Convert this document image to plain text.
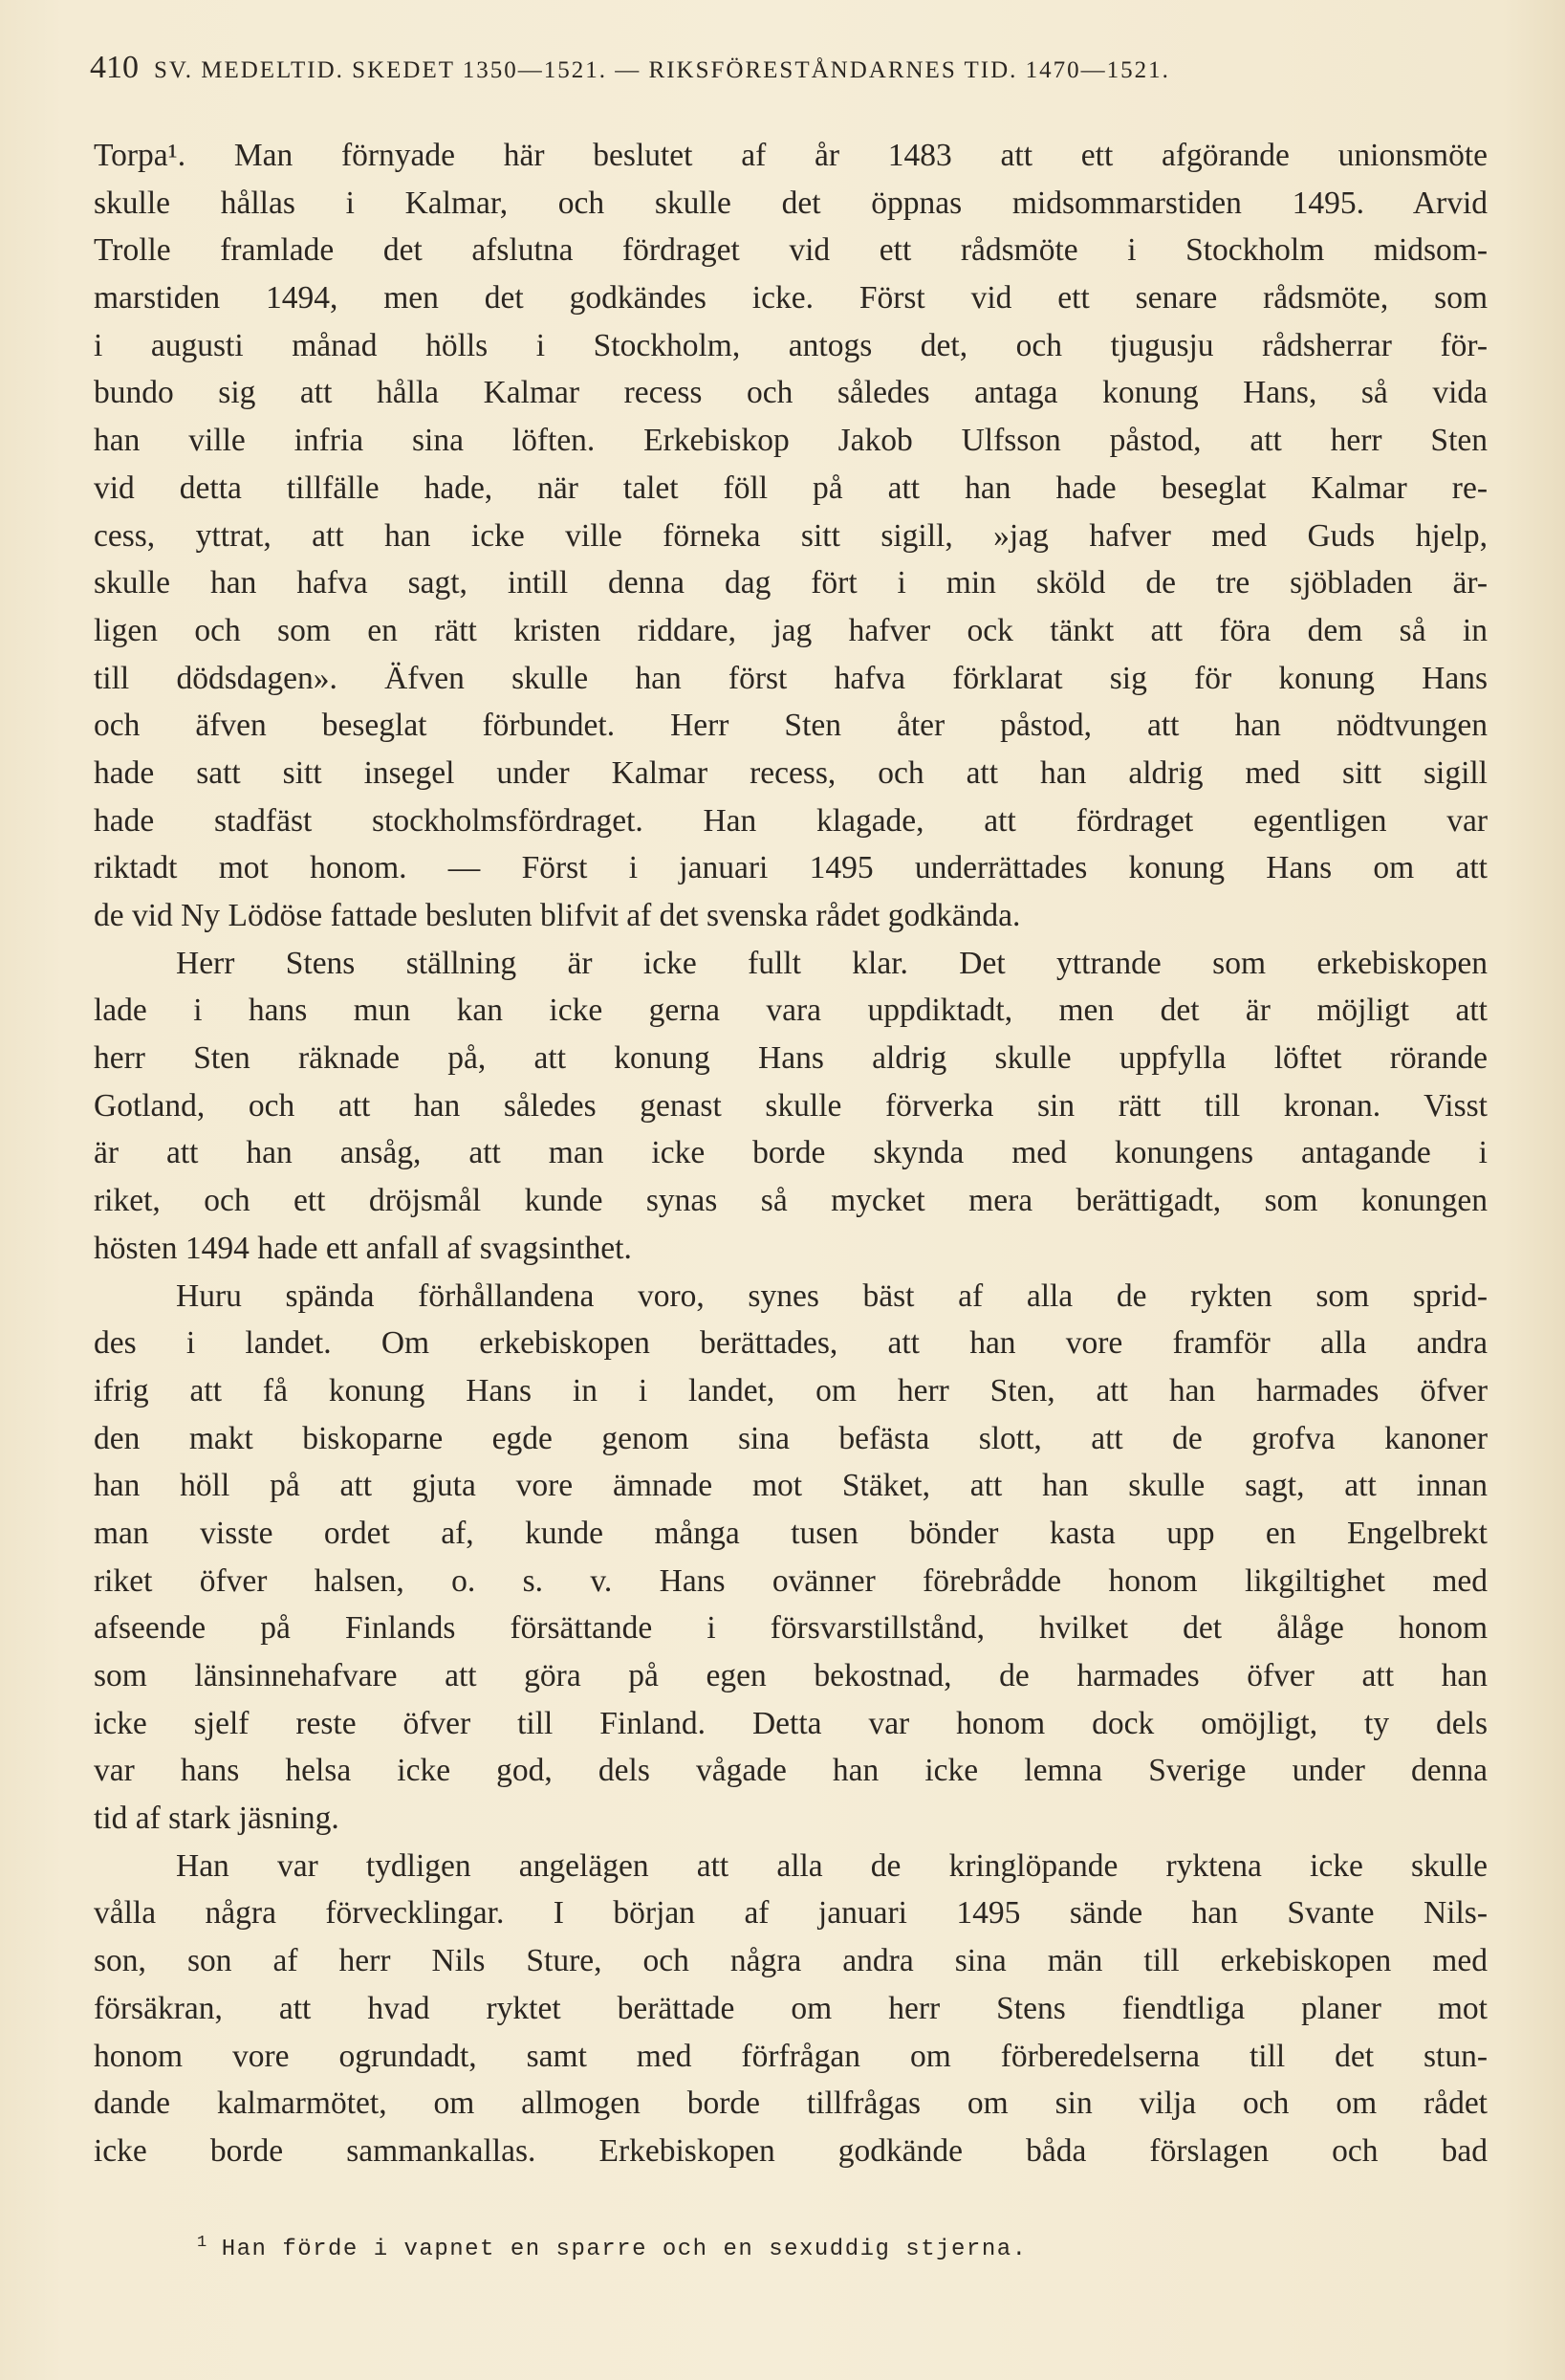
410 SV. MEDELTID. SKEDET 1350—1521. — RIKSFÖRESTÅNDARNES TID. 1470—1521.
Torpa¹. Man förnyade här beslutet af år 1483 att ett afgörande unionsmöte
skulle hållas i Kalmar, och skulle det öppnas midsommarstiden 1495. Arvid
Trolle framlade det afslutna fördraget vid ett rådsmöte i Stockholm midsom-
marstiden 1494, men det godkändes icke. Först vid ett senare rådsmöte, som
i augusti månad hölls i Stockholm, antogs det, och tjugusju rådsherrar för-
bundo sig att hålla Kalmar recess och således antaga konung Hans, så vida
han ville infria sina löften. Erkebiskop Jakob Ulfsson påstod, att herr Sten
vid detta tillfälle hade, när talet föll på att han hade beseglat Kalmar re-
cess, yttrat, att han icke ville förneka sitt sigill, »jag hafver med Guds hjelp,
skulle han hafva sagt, intill denna dag fört i min sköld de tre sjöbladen är-
ligen och som en rätt kristen riddare, jag hafver ock tänkt att föra dem så in
till dödsdagen». Äfven skulle han först hafva förklarat sig för konung Hans
och äfven beseglat förbundet. Herr Sten åter påstod, att han nödtvungen
hade satt sitt insegel under Kalmar recess, och att han aldrig med sitt sigill
hade stadfäst stockholmsfördraget. Han klagade, att fördraget egentligen var
riktadt mot honom. — Först i januari 1495 underrättades konung Hans om att
de vid Ny Lödöse fattade besluten blifvit af det svenska rådet godkända.
Herr Stens ställning är icke fullt klar. Det yttrande som erkebiskopen
lade i hans mun kan icke gerna vara uppdiktadt, men det är möjligt att
herr Sten räknade på, att konung Hans aldrig skulle uppfylla löftet rörande
Gotland, och att han således genast skulle förverka sin rätt till kronan. Visst
är att han ansåg, att man icke borde skynda med konungens antagande i
riket, och ett dröjsmål kunde synas så mycket mera berättigadt, som konungen
hösten 1494 hade ett anfall af svagsinthet.
Huru spända förhållandena voro, synes bäst af alla de rykten som sprid-
des i landet. Om erkebiskopen berättades, att han vore framför alla andra
ifrig att få konung Hans in i landet, om herr Sten, att han harmades öfver
den makt biskoparne egde genom sina befästa slott, att de grofva kanoner
han höll på att gjuta vore ämnade mot Stäket, att han skulle sagt, att innan
man visste ordet af, kunde många tusen bönder kasta upp en Engelbrekt
riket öfver halsen, o. s. v. Hans ovänner förebrådde honom likgiltighet med
afseende på Finlands försättande i försvarstillstånd, hvilket det ålåge honom
som länsinnehafvare att göra på egen bekostnad, de harmades öfver att han
icke sjelf reste öfver till Finland. Detta var honom dock omöjligt, ty dels
var hans helsa icke god, dels vågade han icke lemna Sverige under denna
tid af stark jäsning.
Han var tydligen angelägen att alla de kringlöpande ryktena icke skulle
vålla några förvecklingar. I början af januari 1495 sände han Svante Nils-
son, son af herr Nils Sture, och några andra sina män till erkebiskopen med
försäkran, att hvad ryktet berättade om herr Stens fiendtliga planer mot
honom vore ogrundadt, samt med förfrågan om förberedelserna till det stun-
dande kalmarmötet, om allmogen borde tillfrågas om sin vilja och om rådet
icke borde sammankallas. Erkebiskopen godkände båda förslagen och bad
$^1$ Han förde i vapnet en sparre och en sexuddig stjerna.
